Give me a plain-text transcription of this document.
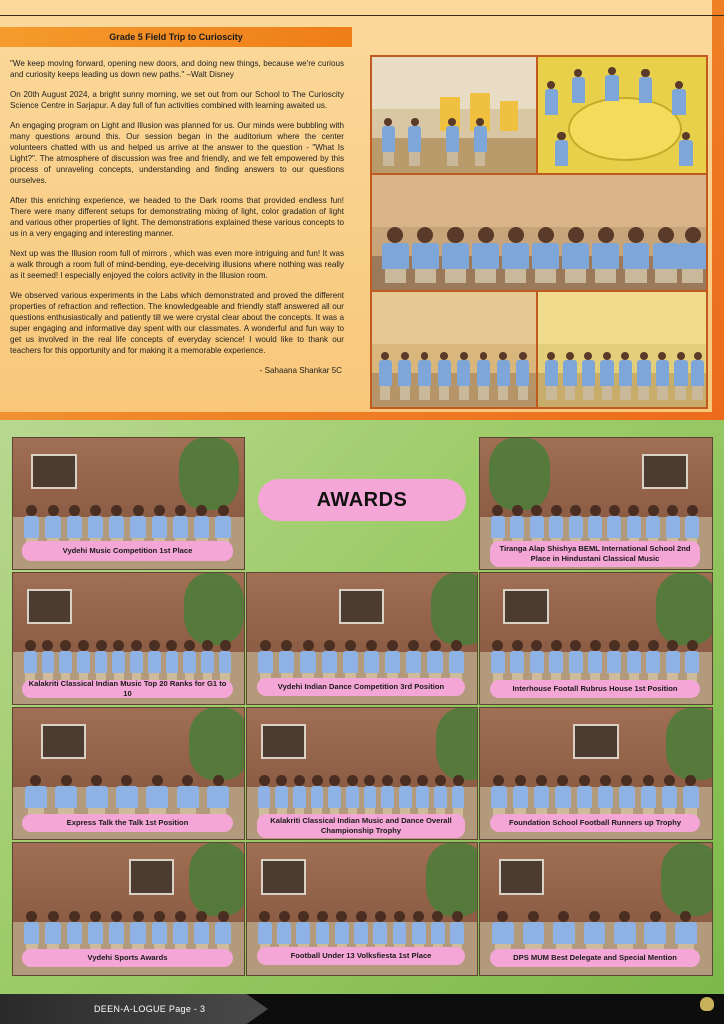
Grade 5 Field Trip to Curioscity

"We keep moving forward, opening new doors, and doing new things, because we're curious and curiosity keeps leading us down new paths." –Walt Disney

On 20th August 2024, a bright sunny morning, we set out from our School to The Curioscity Science Centre in Sarjapur. A day full of fun activities combined with learning awaited us.

An engaging program on Light and Illusion was planned for us. Our minds were bubbling with many questions around this. Our session began in the auditorium where the center volunteers chatted with us and helped us arrive at the answer to the question - "What Is Light?". The atmosphere of discussion was free and friendly, and we felt empowered by this process of unraveling concepts, understanding and finding answers to our questions ourselves.

After this enriching experience, we headed to the Dark rooms that provided endless fun! There were many different setups for demonstrating mixing of light, color gradation of light and various other properties of light. The demonstrations explained these various concepts to us in a very engaging and interesting manner.

Next up was the Illusion room full of mirrors , which was even more intriguing and fun! It was a walk through a room full of mind-bending, eye-deceiving illusions where nothing was really as it seemed! I especially enjoyed the colors activity in the Illusion room.

We observed various experiments in the Labs which demonstrated and proved the different properties of refraction and reflection. The knowledgeable and friendly staff answered all our questions enthusiastically and patiently till we were crystal clear about the concepts. It was a super engaging and informative day spent with our classmates. A wonderful and fun way to get us involved in the real life concepts of everyday science! I would like to thank our teachers for this opportunity and for making it a memorable experience.

- Sahaana Shankar 5C
AWARDS
Vydehi Music Competition 1st Place	Tiranga Alap Shishya BEML International School 2nd Place in Hindustani Classical Music
Kalakriti Classical Indian Music Top 20 Ranks for G1 to 10
Vydehi Indian Dance Competition 3rd Position	Interhouse Footall Rubrus House 1st Position
Express Talk the Talk 1st Position	Kalakriti Classical Indian Music and Dance Overall Championship Trophy
Foundation School Football Runners up Trophy
Vydehi Sports Awards	Football Under 13 Volksfiesta 1st Place	DPS MUM Best Delegate and Special Mention
DEEN-A-LOGUE Page - 3
